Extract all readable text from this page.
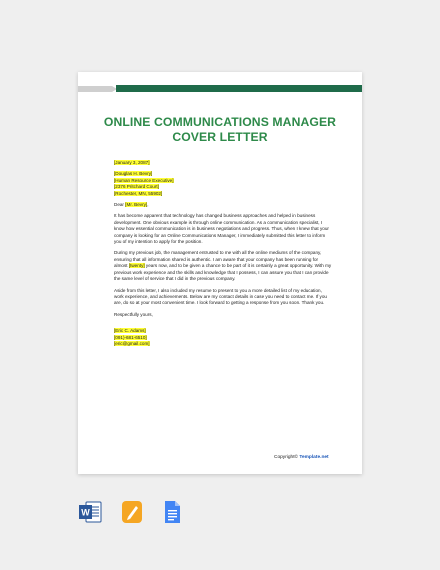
ONLINE COMMUNICATIONS MANAGER
COVER LETTER
[January 3, 2087]
[Douglas H. Bevry]
[Human Resource Executive]
[2376 Pritchard Court]
[Rochester, MN, 55902]
Dear [Mr. Bevry],
It has become apparent that technology has changed business approaches and helped in business development. One obvious example is through online communication. As a communication specialist, I know how essential communication is in business negotiations and progress. Thus, when I knew that your company is looking for an Online Communications Manager, I immediately submitted this letter to inform you of my intention to apply for the position.
During my previous job, the management entrusted to me with all the online mediums of the company, ensuring that all information shared is authentic. I am aware that your company has been running for almost [twenty] years now, and to be given a chance to be part of it is certainly a great opportunity. With my previous work experience and the skills and knowledge that I possess, I can assure you that I can provide the same level of service that I did in the previous company.
Aside from this letter, I also included my resume to present to you a more detailed list of my education, work experience, and achievements. Below are my contact details in case you need to contact me. If you are, do so at your most convenient time. I look forward to getting a response from you soon. Thank you.
Respectfully yours,
[Eric C. Adams]
[091)-681-6510]
[eric@gmail.com]
Copyright© Template.net
W
